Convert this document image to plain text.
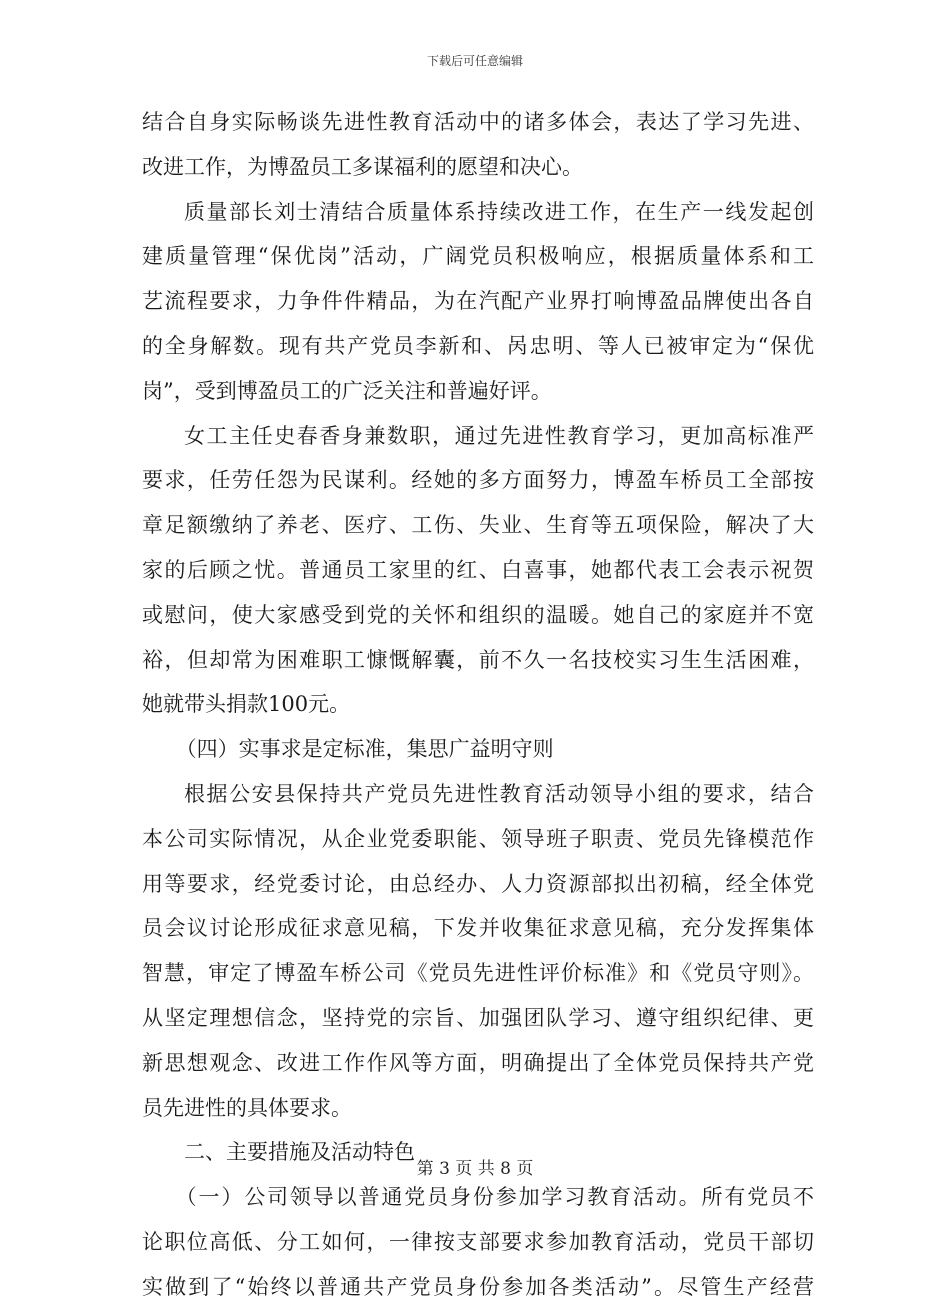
下载后可任意编辑
结合自身实际畅谈先进性教育活动中的诸多体会，表达了学习先进、
改进工作，为博盈员工多谋福利的愿望和决心。
质量部长刘士清结合质量体系持续改进工作，在生产一线发起创
建质量管理“保优岗”活动，广阔党员积极响应，根据质量体系和工
艺流程要求，力争件件精品，为在汽配产业界打响博盈品牌使出各自
的全身解数。现有共产党员李新和、呙忠明、等人已被审定为“保优
岗”，受到博盈员工的广泛关注和普遍好评。
女工主任史春香身兼数职，通过先进性教育学习，更加高标准严
要求，任劳任怨为民谋利。经她的多方面努力，博盈车桥员工全部按
章足额缴纳了养老、医疗、工伤、失业、生育等五项保险，解决了大
家的后顾之忧。普通员工家里的红、白喜事，她都代表工会表示祝贺
或慰问，使大家感受到党的关怀和组织的温暖。她自己的家庭并不宽
裕，但却常为困难职工慷慨解囊，前不久一名技校实习生生活困难，
她就带头捐款100元。
（四）实事求是定标准，集思广益明守则
根据公安县保持共产党员先进性教育活动领导小组的要求，结合
本公司实际情况，从企业党委职能、领导班子职责、党员先锋模范作
用等要求，经党委讨论，由总经办、人力资源部拟出初稿，经全体党
员会议讨论形成征求意见稿，下发并收集征求意见稿，充分发挥集体
智慧，审定了博盈车桥公司《党员先进性评价标准》和《党员守则》。
从坚定理想信念，坚持党的宗旨、加强团队学习、遵守组织纪律、更
新思想观念、改进工作作风等方面，明确提出了全体党员保持共产党
员先进性的具体要求。
二、主要措施及活动特色
（一）公司领导以普通党员身份参加学习教育活动。所有党员不
论职位高低、分工如何，一律按支部要求参加教育活动，党员干部切
实做到了“始终以普通共产党员身份参加各类活动”。尽管生产经营
第 3 页 共 8 页
